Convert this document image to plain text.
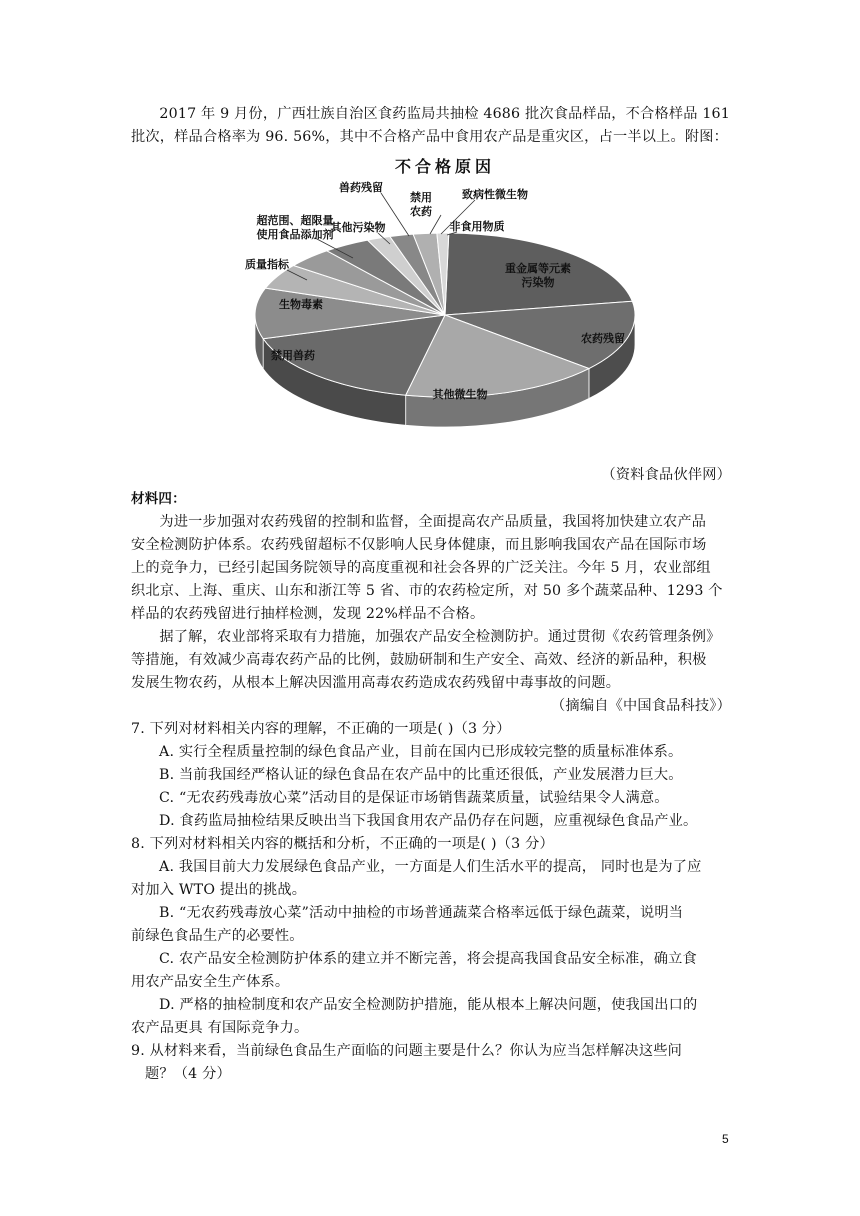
2017 年 9 月份，广西壮族自治区食药监局共抽检 4686 批次食品样品，不合格样品 161

批次，样品合格率为 96. 56%，其中不合格产品中食用农产品是重灾区，占一半以上。附图：

不合格原因
重金属等元素污染物
农药残留
其他微生物
禁用兽药
生物毒素
质量指标
超范围、超限量使用食品添加剂
其他污染物
兽药残留
禁用农药
致病性微生物
非食用物质
@正确云

（资料食品伙伴网）

材料四：

为进一步加强对农药残留的控制和监督，全面提高农产品质量，我国将加快建立农产品

安全检测防护体系。农药残留超标不仅影响人民身体健康，而且影响我国农产品在国际市场

上的竞争力，已经引起国务院领导的高度重视和社会各界的广泛关注。今年 5 月，农业部组

织北京、上海、重庆、山东和浙江等 5 省、市的农药检定所，对 50 多个蔬菜品种、1293 个

样品的农药残留进行抽样检测，发现 22%样品不合格。

据了解，农业部将采取有力措施，加强农产品安全检测防护。通过贯彻《农药管理条例》

等措施，有效减少高毒农药产品的比例，鼓励研制和生产安全、高效、经济的新品种，积极

发展生物农药，从根本上解决因滥用高毒农药造成农药残留中毒事故的问题。

（摘编自《中国食品科技》）

7. 下列对材料相关内容的理解，不正确的一项是( )（3 分）

A. 实行全程质量控制的绿色食品产业，目前在国内已形成较完整的质量标准体系。

B. 当前我国经严格认证的绿色食品在农产品中的比重还很低，产业发展潜力巨大。

C. “无农药残毒放心菜”活动目的是保证市场销售蔬菜质量，试验结果令人满意。

D. 食药监局抽检结果反映出当下我国食用农产品仍存在问题，应重视绿色食品产业。

8. 下列对材料相关内容的概括和分析，不正确的一项是( )（3 分）

A. 我国目前大力发展绿色食品产业，一方面是人们生活水平的提高， 同时也是为了应

对加入 WTO 提出的挑战。

B. “无农药残毒放心菜”活动中抽检的市场普通蔬菜合格率远低于绿色蔬菜，说明当

前绿色食品生产的必要性。

C. 农产品安全检测防护体系的建立并不断完善，将会提高我国食品安全标准，确立食

用农产品安全生产体系。

D. 严格的抽检制度和农产品安全检测防护措施，能从根本上解决问题，使我国出口的

农产品更具 有国际竞争力。

9. 从材料来看，当前绿色食品生产面临的问题主要是什么？你认为应当怎样解决这些问

题？（4 分）

5
